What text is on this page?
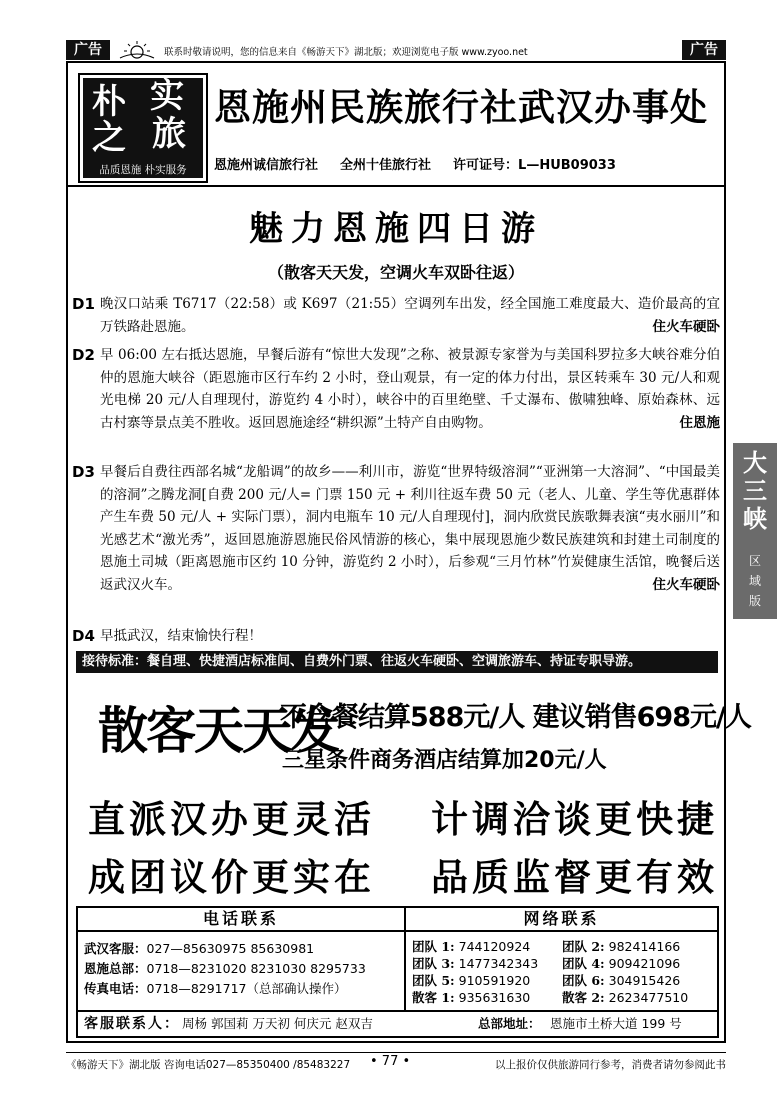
广告	联系时敬请说明，您的信息来自《畅游天下》湖北版；欢迎浏览电子版 www.zyoo.net	广告
朴 实
之 旅
品质恩施 朴实服务
恩施州民族旅行社武汉办事处
恩施州诚信旅行社 全州十佳旅行社 许可证号：L—HUB09033
魅力恩施四日游
（散客天天发，空调火车双卧往返）
D1 晚汉口站乘 T6717（22:58）或 K697（21:55）空调列车出发，经全国施工难度最大、造价最高的宜万铁路赴恩施。	住火车硬卧
D2 早 06:00 左右抵达恩施，早餐后游有“惊世大发现”之称、被景源专家誉为与美国科罗拉多大峡谷难分伯仲的恩施大峡谷（距恩施市区行车约 2 小时，登山观景，有一定的体力付出，景区转乘车 30 元/人和观光电梯 20 元/人自理现付，游览约 4 小时），峡谷中的百里绝壁、千丈瀑布、傲啸独峰、原始森林、远古村寨等景点美不胜收。返回恩施途经“耕织源”土特产自由购物。	住恩施
D3 早餐后自费往西部名城“龙船调”的故乡——利川市，游览“世界特级溶洞”“亚洲第一大溶洞”、“中国最美的溶洞”之腾龙洞[自费 200 元/人= 门票 150 元 + 利川往返车费 50 元（老人、儿童、学生等优惠群体产生车费 50 元/人 + 实际门票），洞内电瓶车 10 元/人自理现付]，洞内欣赏民族歌舞表演“夷水丽川”和光感艺术“激光秀”，返回恩施游恩施民俗风情游的核心，集中展现恩施少数民族建筑和封建土司制度的恩施土司城（距离恩施市区约 10 分钟，游览约 2 小时），后参观“三月竹林”竹炭健康生活馆，晚餐后送返武汉火车。	住火车硬卧
D4 早抵武汉，结束愉快行程！
接待标准：餐自理、快捷酒店标准间、自费外门票、往返火车硬卧、空调旅游车、持证专职导游。
散客天天发
不含餐结算588元/人 建议销售698元/人
三星条件商务酒店结算加20元/人
直派汉办更灵活 计调洽谈更快捷
成团议价更实在 品质监督更有效
电话联系	网络联系
武汉客服：027—85630975 85630981
恩施总部：0718—8231020 8231030 8295733
传真电话：0718—8291717（总部确认操作）
团队 1: 744120924	团队 2: 982414166
团队 3: 1477342343	团队 4: 909421096
团队 5: 910591920	团队 6: 304915426
散客 1: 935631630	散客 2: 2623477510
客服联系人： 周杨 郭国莉 万天初 何庆元 赵双吉	总部地址： 恩施市土桥大道 199 号
大
三
峡
区
域
版
《畅游天下》湖北版 咨询电话027—85350400 /85483227 • 77 •	以上报价仅供旅游同行参考，消费者请勿参阅此书
